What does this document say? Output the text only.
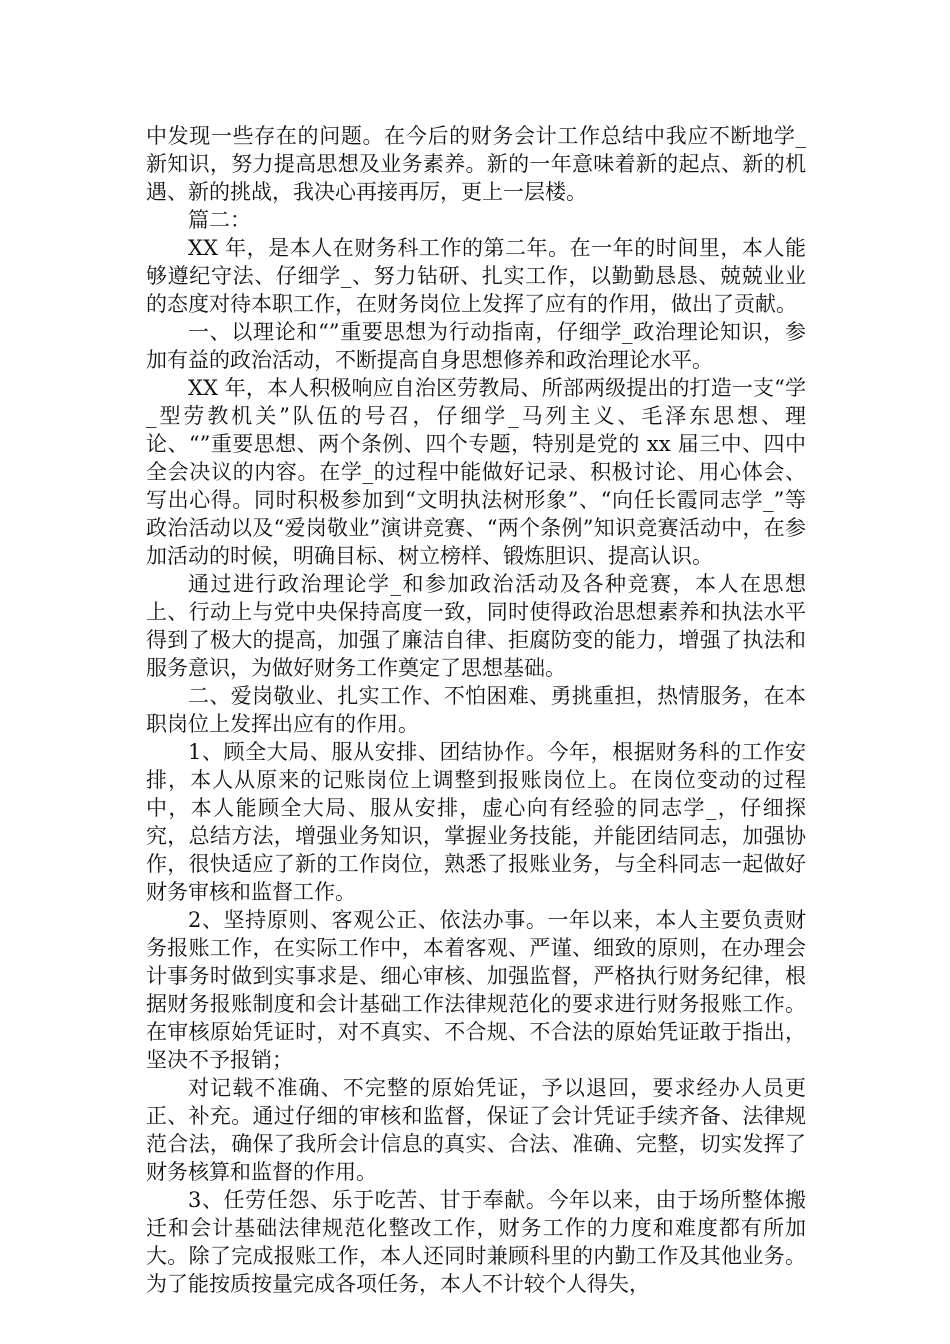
中发现一些存在的问题。在今后的财务会计工作总结中我应不断地学_新知识，努力提高思想及业务素养。新的一年意味着新的起点、新的机遇、新的挑战，我决心再接再厉，更上一层楼。

篇二：

XX 年，是本人在财务科工作的第二年。在一年的时间里，本人能够遵纪守法、仔细学_、努力钻研、扎实工作，以勤勤恳恳、兢兢业业的态度对待本职工作，在财务岗位上发挥了应有的作用，做出了贡献。

一、以理论和“”重要思想为行动指南，仔细学_政治理论知识，参加有益的政治活动，不断提高自身思想修养和政治理论水平。

XX 年，本人积极响应自治区劳教局、所部两级提出的打造一支“学_型劳教机关”队伍的号召，仔细学_马列主义、毛泽东思想、理论、“”重要思想、两个条例、四个专题，特别是党的 xx 届三中、四中全会决议的内容。在学_的过程中能做好记录、积极讨论、用心体会、写出心得。同时积极参加到“文明执法树形象”、“向任长霞同志学_”等政治活动以及“爱岗敬业”演讲竞赛、“两个条例”知识竞赛活动中，在参加活动的时候，明确目标、树立榜样、锻炼胆识、提高认识。

通过进行政治理论学_和参加政治活动及各种竞赛，本人在思想上、行动上与党中央保持高度一致，同时使得政治思想素养和执法水平得到了极大的提高，加强了廉洁自律、拒腐防变的能力，增强了执法和服务意识，为做好财务工作奠定了思想基础。

二、爱岗敬业、扎实工作、不怕困难、勇挑重担，热情服务，在本职岗位上发挥出应有的作用。

1、顾全大局、服从安排、团结协作。今年，根据财务科的工作安排，本人从原来的记账岗位上调整到报账岗位上。在岗位变动的过程中，本人能顾全大局、服从安排，虚心向有经验的同志学_，仔细探究，总结方法，增强业务知识，掌握业务技能，并能团结同志，加强协作，很快适应了新的工作岗位，熟悉了报账业务，与全科同志一起做好财务审核和监督工作。

2、坚持原则、客观公正、依法办事。一年以来，本人主要负责财务报账工作，在实际工作中，本着客观、严谨、细致的原则，在办理会计事务时做到实事求是、细心审核、加强监督，严格执行财务纪律，根据财务报账制度和会计基础工作法律规范化的要求进行财务报账工作。在审核原始凭证时，对不真实、不合规、不合法的原始凭证敢于指出，坚决不予报销；

对记载不准确、不完整的原始凭证，予以退回，要求经办人员更正、补充。通过仔细的审核和监督，保证了会计凭证手续齐备、法律规范合法，确保了我所会计信息的真实、合法、准确、完整，切实发挥了财务核算和监督的作用。

3、任劳任怨、乐于吃苦、甘于奉献。今年以来，由于场所整体搬迁和会计基础法律规范化整改工作，财务工作的力度和难度都有所加大。除了完成报账工作，本人还同时兼顾科里的内勤工作及其他业务。为了能按质按量完成各项任务，本人不计较个人得失，
